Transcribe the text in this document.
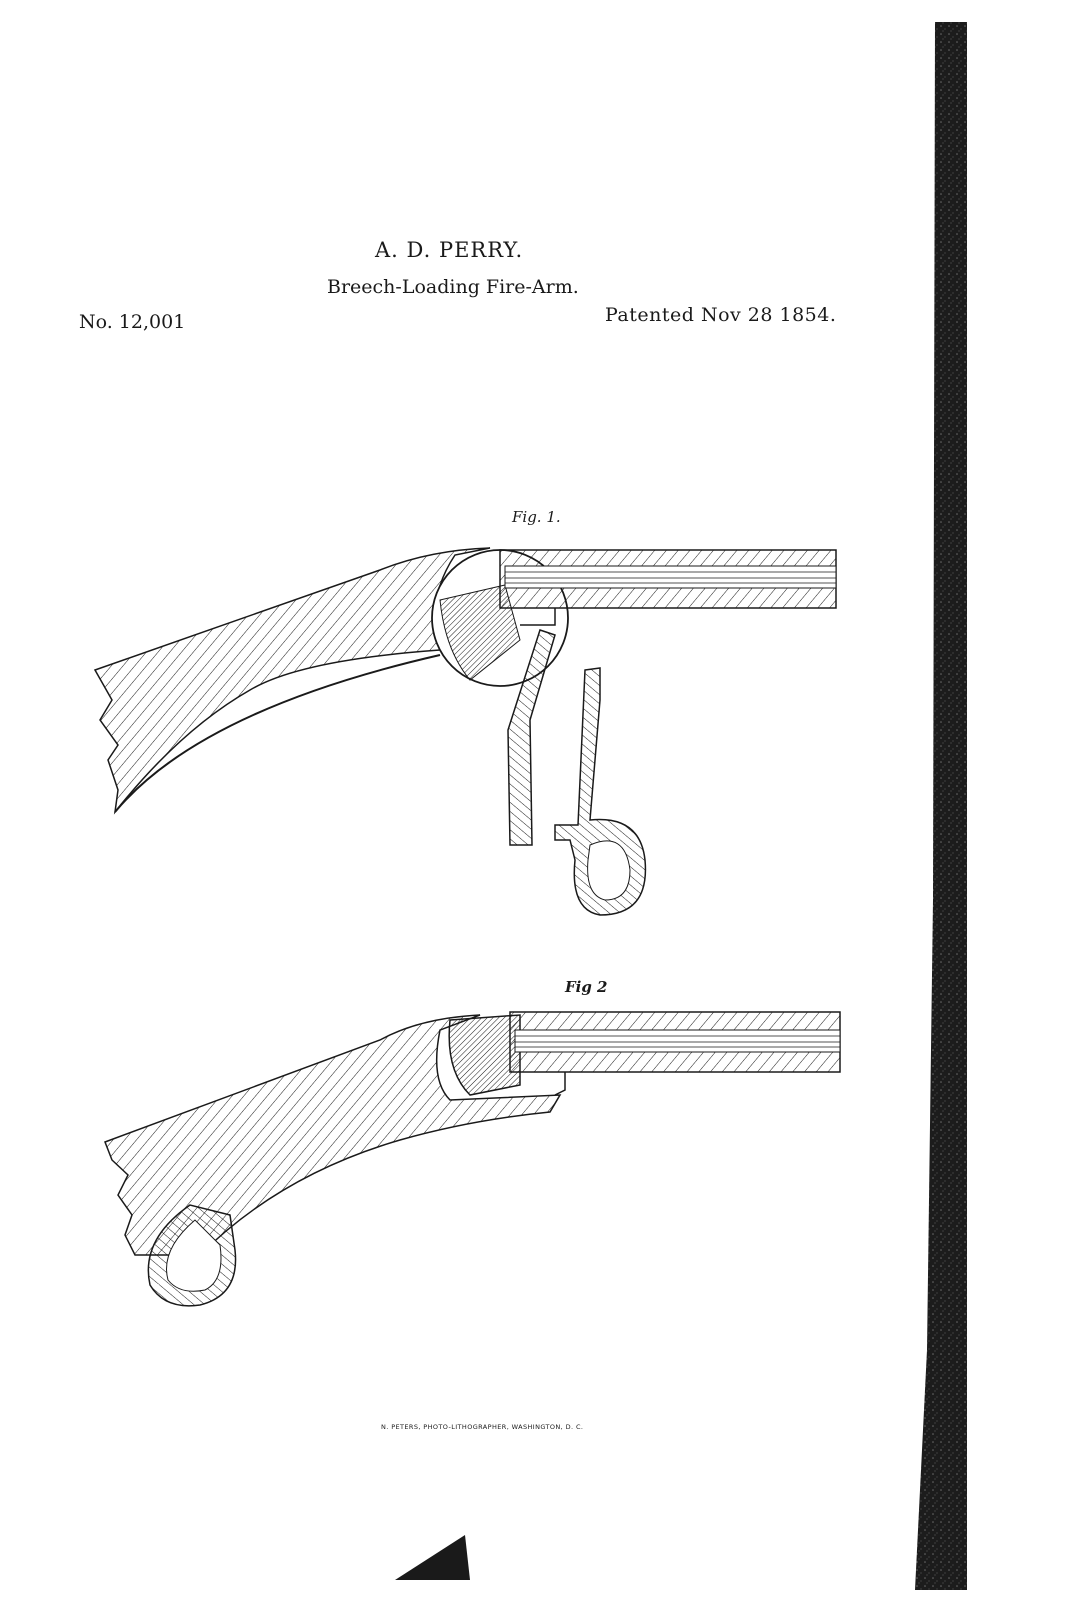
A. D. PERRY.
Breech-Loading Fire-Arm.
No. 12,001	Patented Nov 28 1854.
Fig. 1.
Fig 2
N. PETERS, PHOTO-LITHOGRAPHER, WASHINGTON, D. C.
